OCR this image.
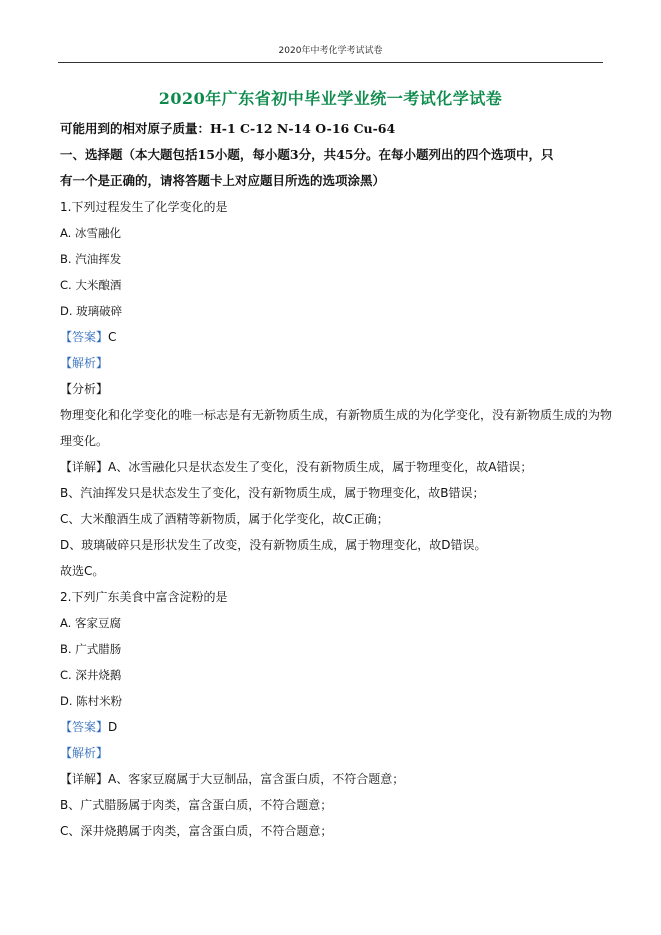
2020年中考化学考试试卷
2020年广东省初中毕业学业统一考试化学试卷
可能用到的相对原子质量：H-1 C-12 N-14 O-16 Cu-64
一、选择题（本大题包括15小题，每小题3分，共45分。在每小题列出的四个选项中，只
有一个是正确的，请将答题卡上对应题目所选的选项涂黑）
1.下列过程发生了化学变化的是
A. 冰雪融化
B. 汽油挥发
C. 大米酿酒
D. 玻璃破碎
【答案】C
【解析】
【分析】
物理变化和化学变化的唯一标志是有无新物质生成，有新物质生成的为化学变化，没有新物质生成的为物
理变化。
【详解】A、冰雪融化只是状态发生了变化，没有新物质生成，属于物理变化，故A错误；
B、汽油挥发只是状态发生了变化，没有新物质生成，属于物理变化，故B错误；
C、大米酿酒生成了酒精等新物质，属于化学变化，故C正确；
D、玻璃破碎只是形状发生了改变，没有新物质生成，属于物理变化，故D错误。
故选C。
2.下列广东美食中富含淀粉的是
A. 客家豆腐
B. 广式腊肠
C. 深井烧鹅
D. 陈村米粉
【答案】D
【解析】
【详解】A、客家豆腐属于大豆制品，富含蛋白质，不符合题意；
B、广式腊肠属于肉类，富含蛋白质，不符合题意；
C、深井烧鹅属于肉类，富含蛋白质，不符合题意；
